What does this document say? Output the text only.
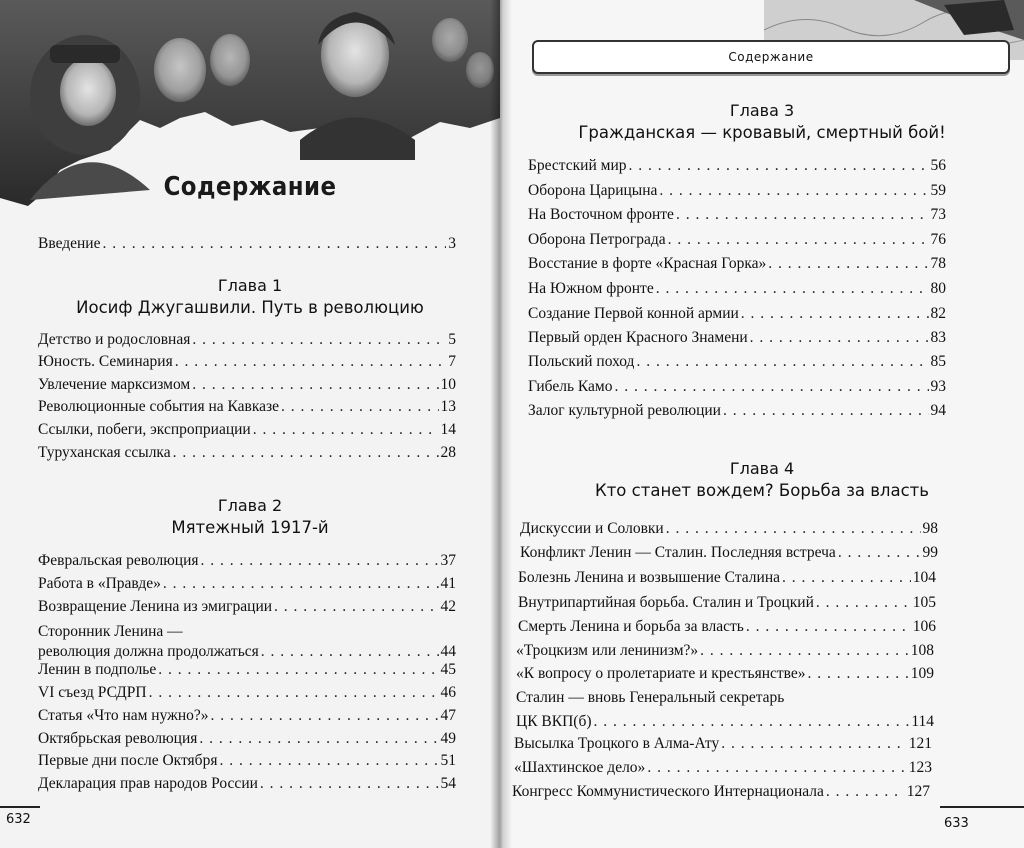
Содержание
Введение . . .	3
Глава 1
Иосиф Джугашвили. Путь в революцию
Детство и родословная . . .	5
Юность. Семинария . . .	7
Увлечение марксизмом . . .	10
Революционные события на Кавказе . . .	13
Ссылки, побеги, экспроприации . . .	14
Туруханская ссылка . . .	28
Глава 2
Мятежный 1917-й
Февральская революция . . .	37
Работа в «Правде» . . .	41
Возвращение Ленина из эмиграции . . .	42
Сторонник Ленина —
революция должна продолжаться . . .	44
Ленин в подполье . . .	45
VI съезд РСДРП . . .	46
Статья «Что нам нужно?» . . .	47
Октябрьская революция . . .	49
Первые дни после Октября . . .	51
Декларация прав народов России . . .	54
632
Содержание
Глава 3
Гражданская — кровавый, смертный бой!
Брестский мир . . .	56
Оборона Царицына . . .	59
На Восточном фронте . . .	73
Оборона Петрограда . . .	76
Восстание в форте «Красная Горка» . . .	78
На Южном фронте . . .	80
Создание Первой конной армии . . .	82
Первый орден Красного Знамени . . .	83
Польский поход . . .	85
Гибель Камо . . .	93
Залог культурной революции . . .	94
Глава 4
Кто станет вождем? Борьба за власть
Дискуссии и Соловки . . .	98
Конфликт Ленин — Сталин. Последняя встреча . . .	99
Болезнь Ленина и возвышение Сталина . . .	104
Внутрипартийная борьба. Сталин и Троцкий . . .	105
Смерть Ленина и борьба за власть . . .	106
«Троцкизм или ленинизм?» . . .	108
«К вопросу о пролетариате и крестьянстве» . . .	109
Сталин — вновь Генеральный секретарь
ЦК ВКП(б) . . .	114
Высылка Троцкого в Алма-Ату . . .	121
«Шахтинское дело» . . .	123
Конгресс Коммунистического Интернационала . . .	127
633
